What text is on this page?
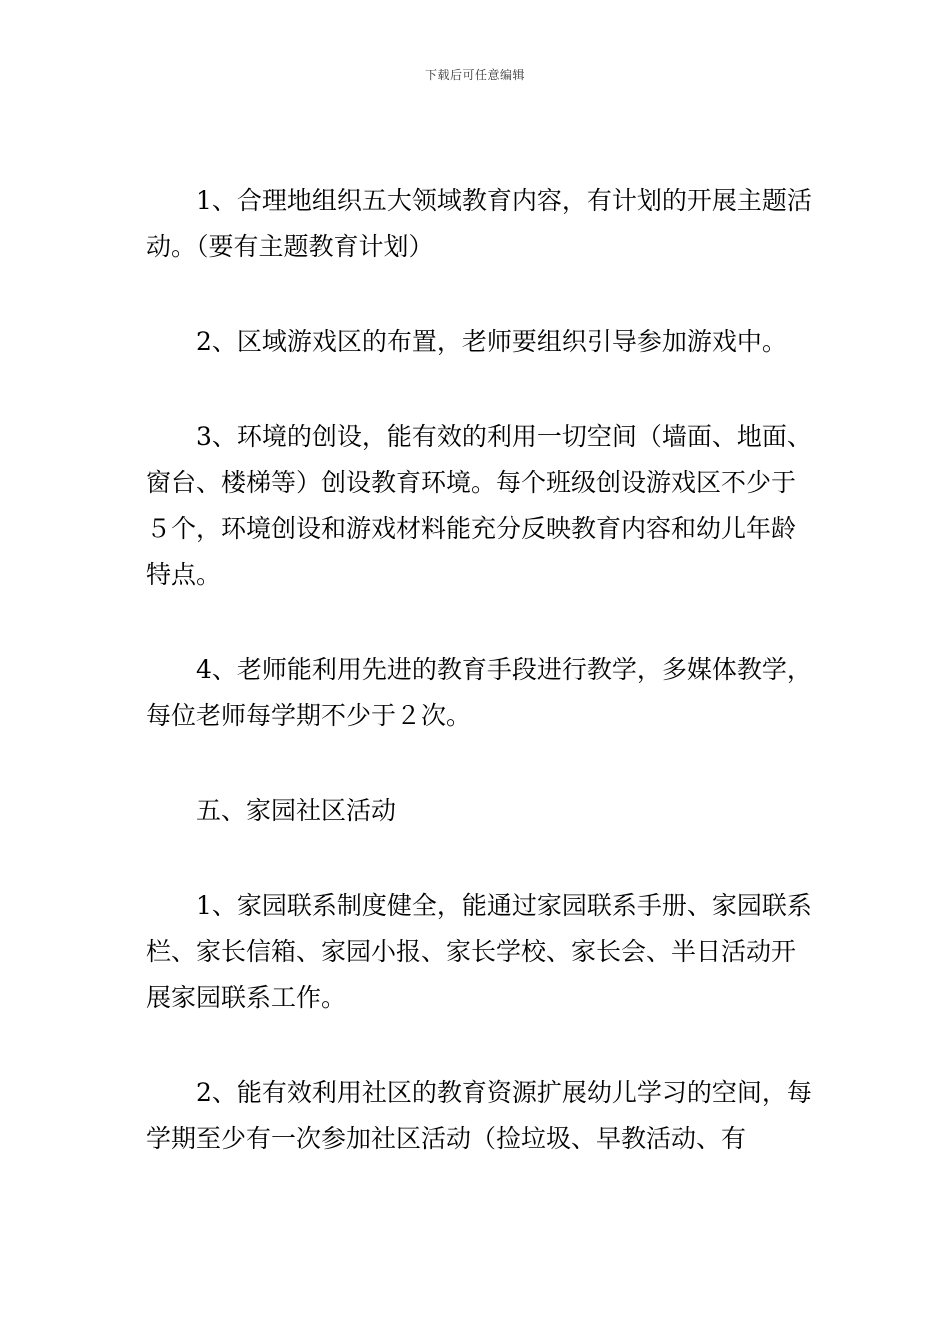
下载后可任意编辑

1、合理地组织五大领域教育内容，有计划的开展主题活动。（要有主题教育计划）

2、区域游戏区的布置，老师要组织引导参加游戏中。

3、环境的创设，能有效的利用一切空间（墙面、地面、窗台、楼梯等）创设教育环境。每个班级创设游戏区不少于５个，环境创设和游戏材料能充分反映教育内容和幼儿年龄特点。

4、老师能利用先进的教育手段进行教学，多媒体教学，每位老师每学期不少于２次。

五、家园社区活动

1、家园联系制度健全，能通过家园联系手册、家园联系栏、家长信箱、家园小报、家长学校、家长会、半日活动开展家园联系工作。

2、能有效利用社区的教育资源扩展幼儿学习的空间，每学期至少有一次参加社区活动（捡垃圾、早教活动、有
